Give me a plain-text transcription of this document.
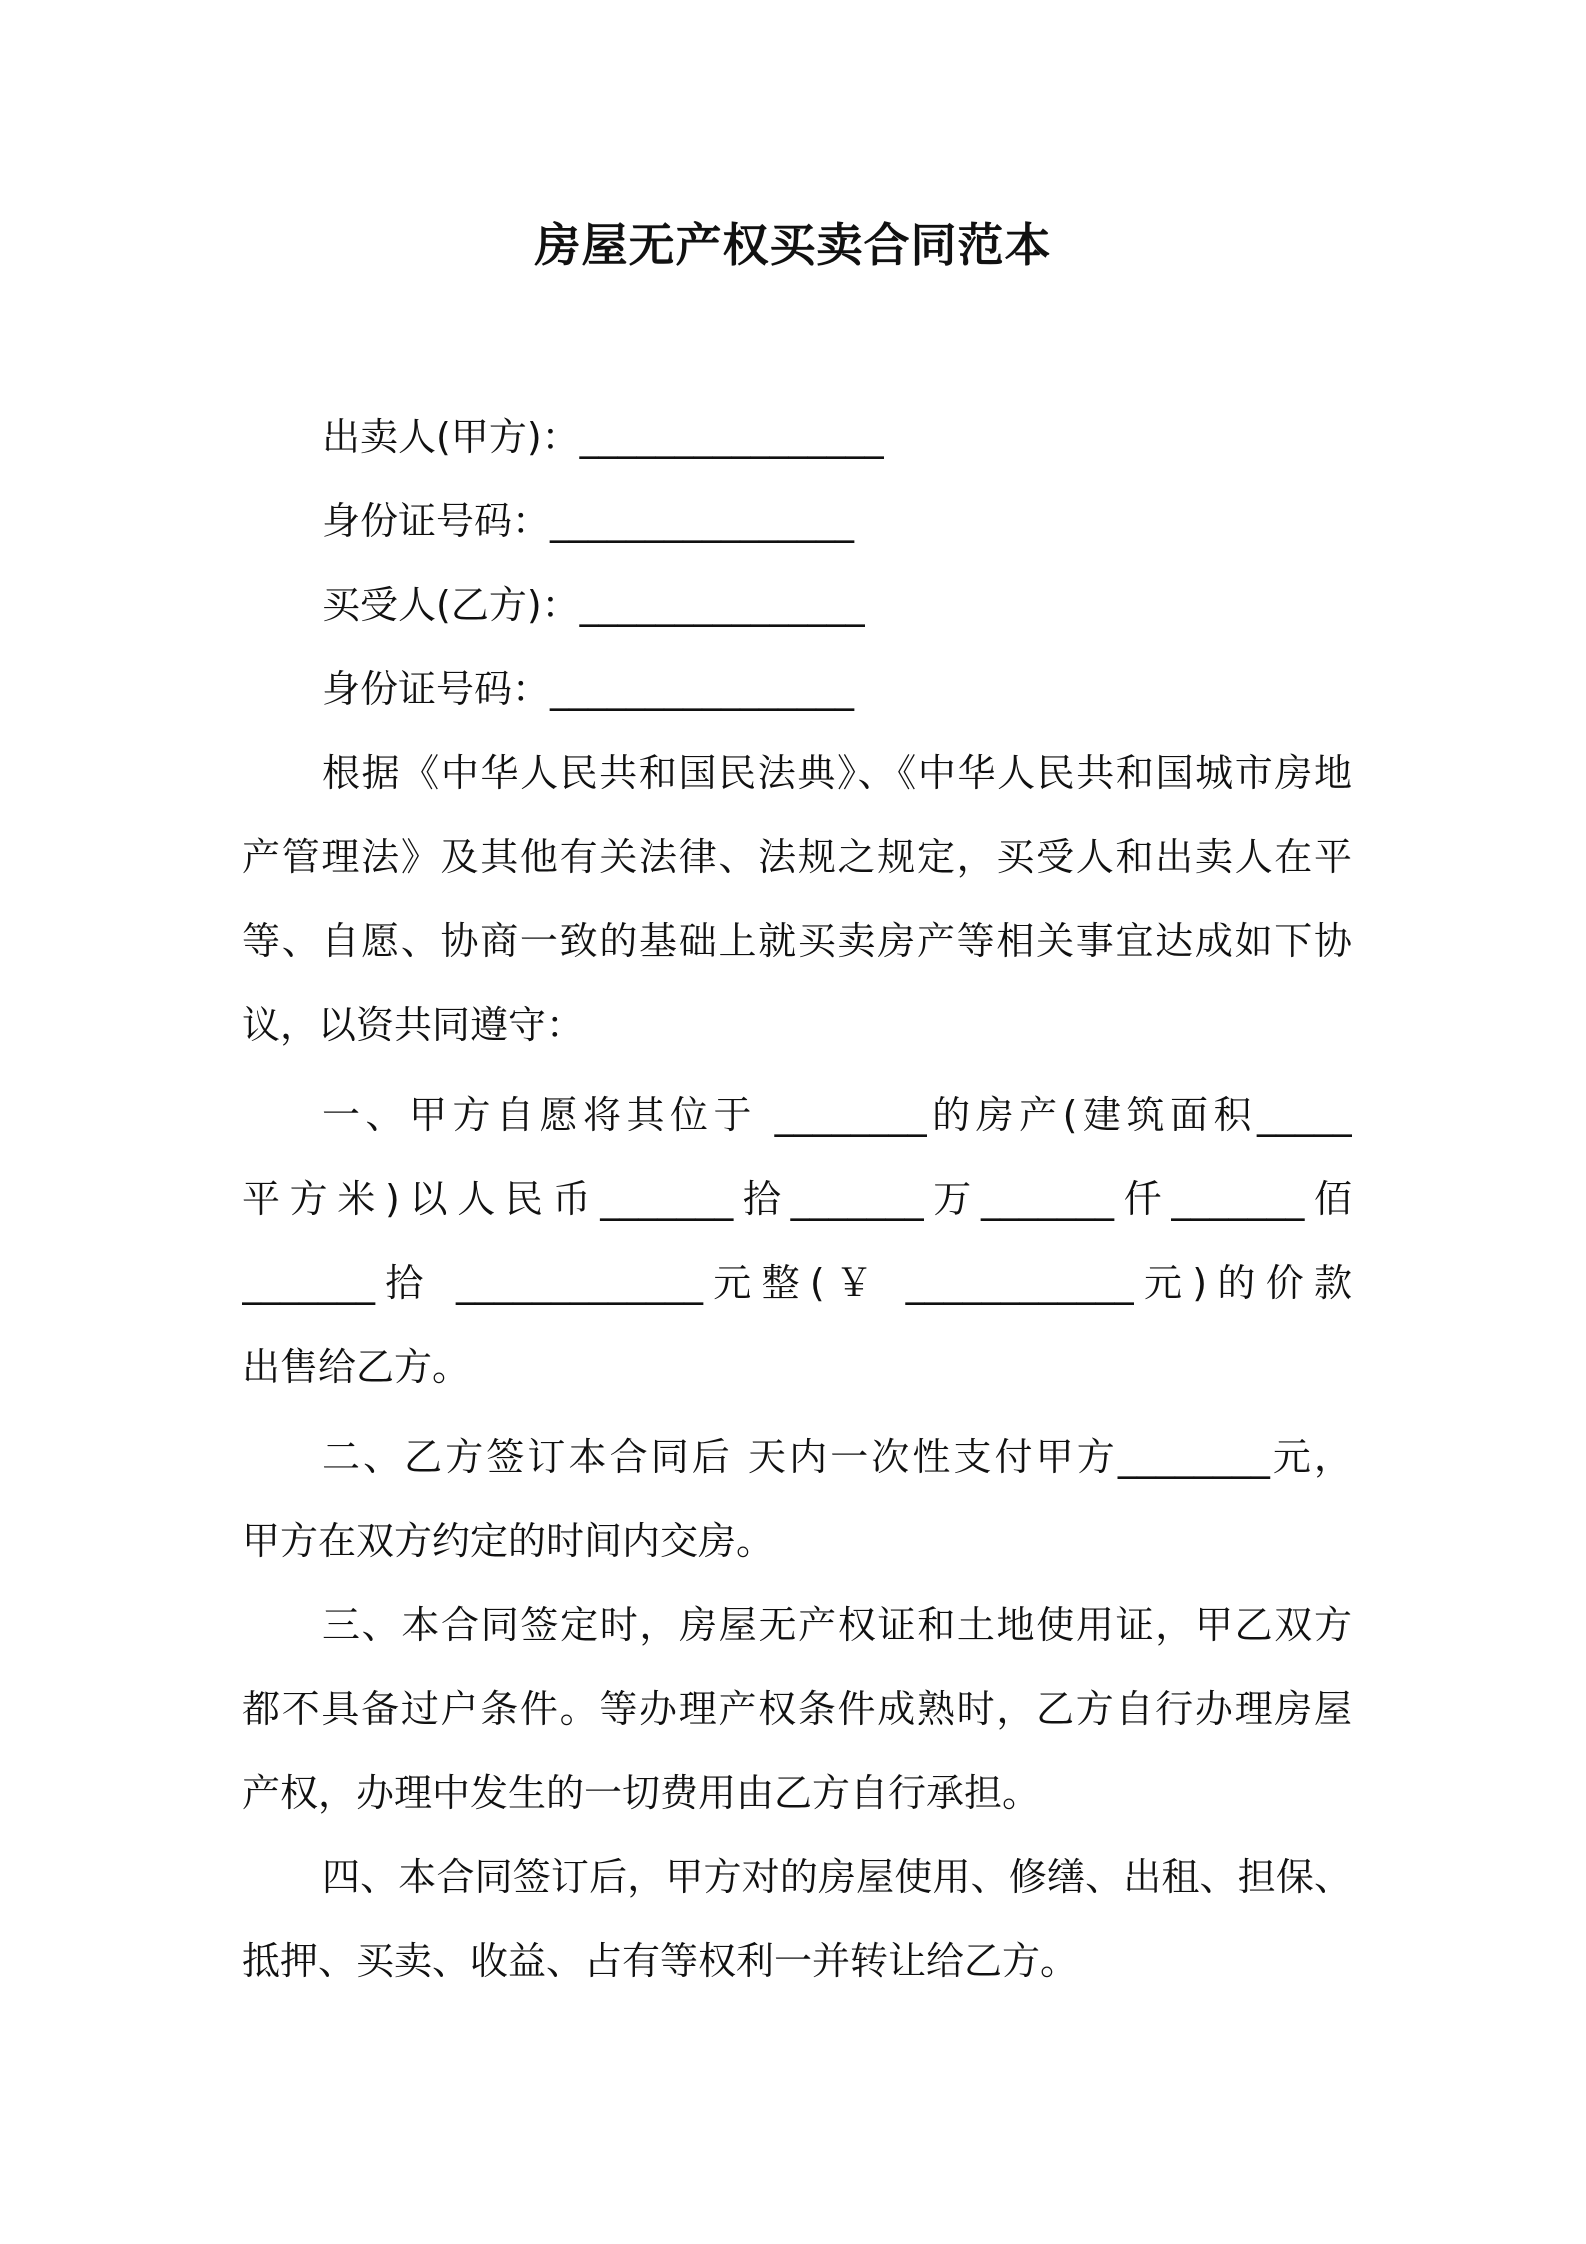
房屋无产权买卖合同范本
出卖人(甲方)：________________
身份证号码：________________
买受人(乙方)：_______________
身份证号码：________________
根据《中华人民共和国民法典》、《中华人民共和国城市房地
产管理法》及其他有关法律、法规之规定，买受人和出卖人在平
等、自愿、协商一致的基础上就买卖房产等相关事宜达成如下协
议，以资共同遵守：
一、甲方自愿将其位于 ________的房产(建筑面积_____
平方米)以人民币_______拾_______万_______仟_______佰
_______拾 _____________元整(￥ ____________元)的价款
出售给乙方。
二、乙方签订本合同后 天内一次性支付甲方________元，
甲方在双方约定的时间内交房。
三、本合同签定时，房屋无产权证和土地使用证，甲乙双方
都不具备过户条件。等办理产权条件成熟时，乙方自行办理房屋
产权，办理中发生的一切费用由乙方自行承担。
四、本合同签订后，甲方对的房屋使用、修缮、出租、担保、
抵押、买卖、收益、占有等权利一并转让给乙方。
